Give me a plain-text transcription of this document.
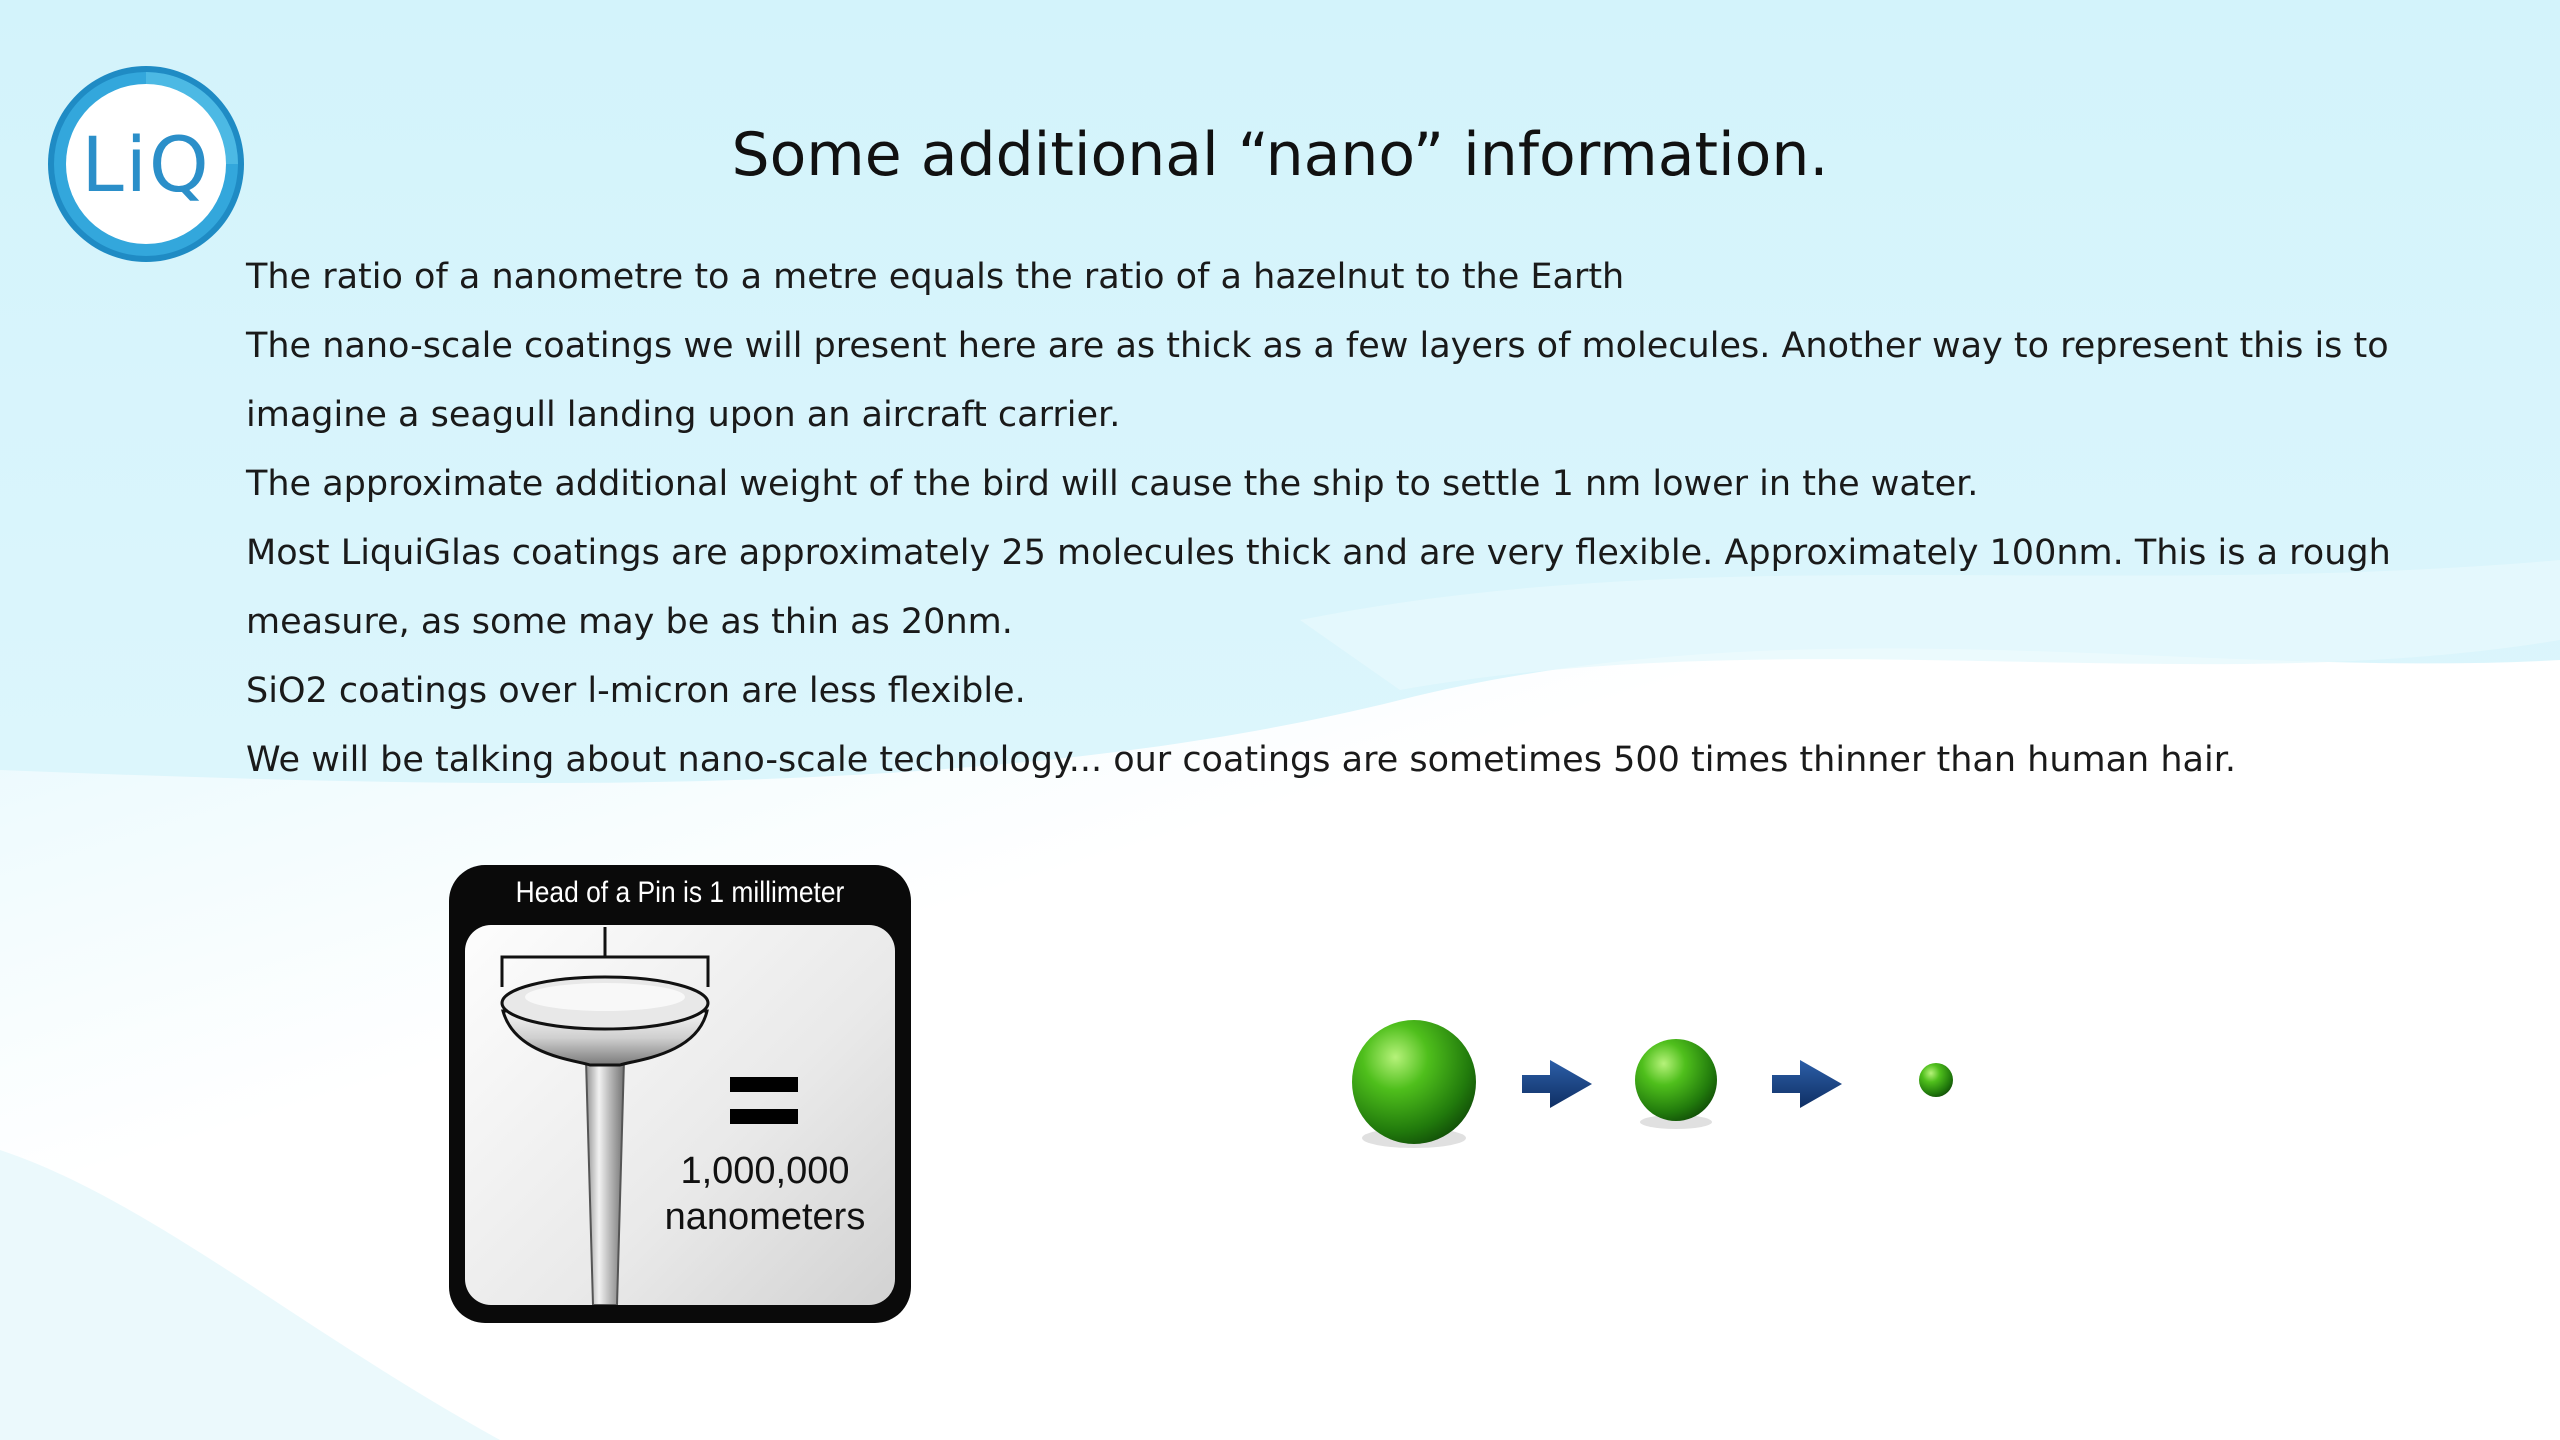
LiQ	Some additional “nano” information.

The ratio of a nanometre to a metre equals the ratio of a hazelnut to the Earth

The nano-scale coatings we will present here are as thick as a few layers of molecules. Another way to represent this is to imagine a seagull landing upon an aircraft carrier.

The approximate additional weight of the bird will cause the ship to settle 1 nm lower in the water.

Most LiquiGlas coatings are approximately 25 molecules thick and are very flexible. Approximately 100nm. This is a rough measure, as some may be as thin as 20nm.

SiO2 coatings over l-micron are less flexible.

We will be talking about nano-scale technology... our coatings are sometimes 500 times thinner than human hair.

Head of a Pin is 1 millimeter
1,000,000
nanometers
